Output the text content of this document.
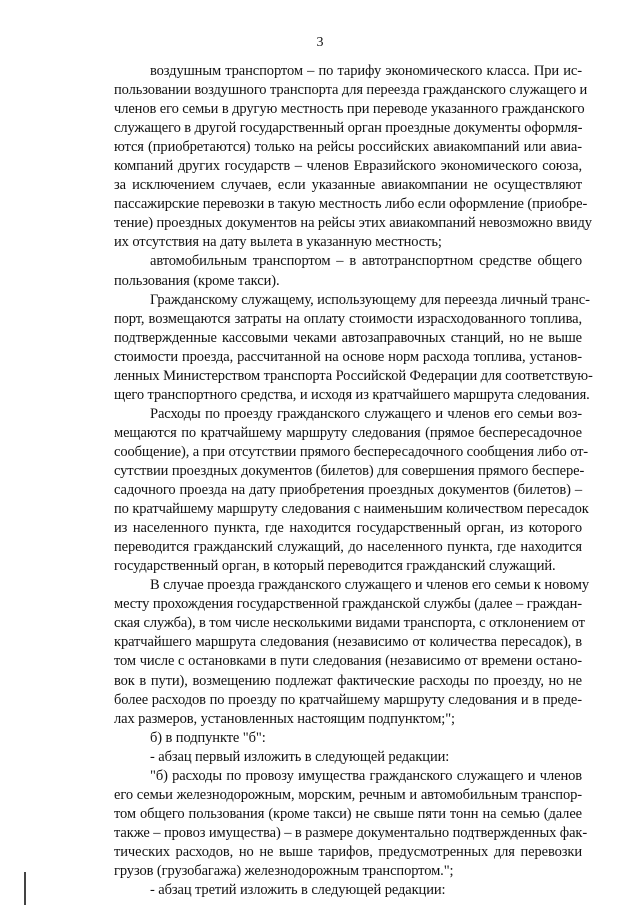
3
воздушным транспортом – по тарифу экономического класса. При ис-
пользовании воздушного транспорта для переезда гражданского служащего и
членов его семьи в другую местность при переводе указанного гражданского
служащего в другой государственный орган проездные документы оформля-
ются (приобретаются) только на рейсы российских авиакомпаний или авиа-
компаний других государств – членов Евразийского экономического союза,
за исключением случаев, если указанные авиакомпании не осуществляют
пассажирские перевозки в такую местность либо если оформление (приобре-
тение) проездных документов на рейсы этих авиакомпаний невозможно ввиду
их отсутствия на дату вылета в указанную местность;
автомобильным транспортом – в автотранспортном средстве общего
пользования (кроме такси).
Гражданскому служащему, использующему для переезда личный транс-
порт, возмещаются затраты на оплату стоимости израсходованного топлива,
подтвержденные кассовыми чеками автозаправочных станций, но не выше
стоимости проезда, рассчитанной на основе норм расхода топлива, установ-
ленных Министерством транспорта Российской Федерации для соответствую-
щего транспортного средства, и исходя из кратчайшего маршрута следования.
Расходы по проезду гражданского служащего и членов его семьи воз-
мещаются по кратчайшему маршруту следования (прямое беспересадочное
сообщение), а при отсутствии прямого беспересадочного сообщения либо от-
сутствии проездных документов (билетов) для совершения прямого беспере-
садочного проезда на дату приобретения проездных документов (билетов) –
по кратчайшему маршруту следования с наименьшим количеством пересадок
из населенного пункта, где находится государственный орган, из которого
переводится гражданский служащий, до населенного пункта, где находится
государственный орган, в который переводится гражданский служащий.
В случае проезда гражданского служащего и членов его семьи к новому
месту прохождения государственной гражданской службы (далее – граждан-
ская служба), в том числе несколькими видами транспорта, с отклонением от
кратчайшего маршрута следования (независимо от количества пересадок), в
том числе с остановками в пути следования (независимо от времени остано-
вок в пути), возмещению подлежат фактические расходы по проезду, но не
более расходов по проезду по кратчайшему маршруту следования и в преде-
лах размеров, установленных настоящим подпунктом;";
б) в подпункте "б":
- абзац первый изложить в следующей редакции:
"б) расходы по провозу имущества гражданского служащего и членов
его семьи железнодорожным, морским, речным и автомобильным транспор-
том общего пользования (кроме такси) не свыше пяти тонн на семью (далее
также – провоз имущества) – в размере документально подтвержденных фак-
тических расходов, но не выше тарифов, предусмотренных для перевозки
грузов (грузобагажа) железнодорожным транспортом.";
- абзац третий изложить в следующей редакции:
